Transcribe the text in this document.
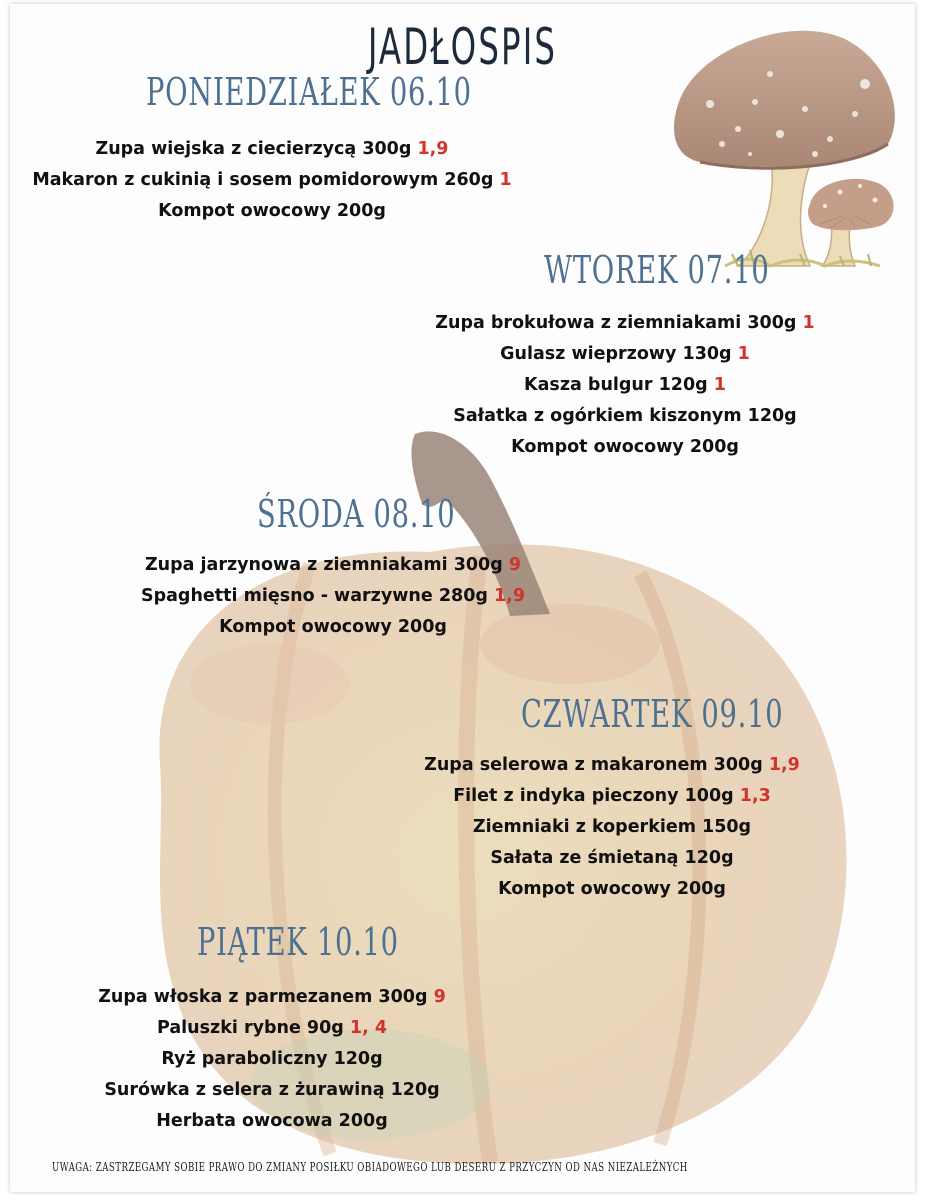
JADŁOSPIS
PONIEDZIAŁEK 06.10
Zupa wiejska z ciecierzycą 300g 1,9
Makaron z cukinią i sosem pomidorowym 260g 1
Kompot owocowy 200g
WTOREK 07.10
Zupa brokułowa z ziemniakami 300g 1
Gulasz wieprzowy 130g 1
Kasza bulgur 120g 1
Sałatka z ogórkiem kiszonym 120g
Kompot owocowy 200g
ŚRODA 08.10
Zupa jarzynowa z ziemniakami 300g 9
Spaghetti mięsno - warzywne 280g 1,9
Kompot owocowy 200g
CZWARTEK 09.10
Zupa selerowa z makaronem 300g 1,9
Filet z indyka pieczony 100g 1,3
Ziemniaki z koperkiem 150g
Sałata ze śmietaną 120g
Kompot owocowy 200g
PIĄTEK 10.10
Zupa włoska z parmezanem 300g 9
Paluszki rybne 90g 1, 4
Ryż paraboliczny 120g
Surówka z selera z żurawiną 120g
Herbata owocowa 200g
UWAGA: ZASTRZEGAMY SOBIE PRAWO DO ZMIANY POSIŁKU OBIADOWEGO LUB DESERU Z PRZYCZYN OD NAS NIEZALEŻNYCH
